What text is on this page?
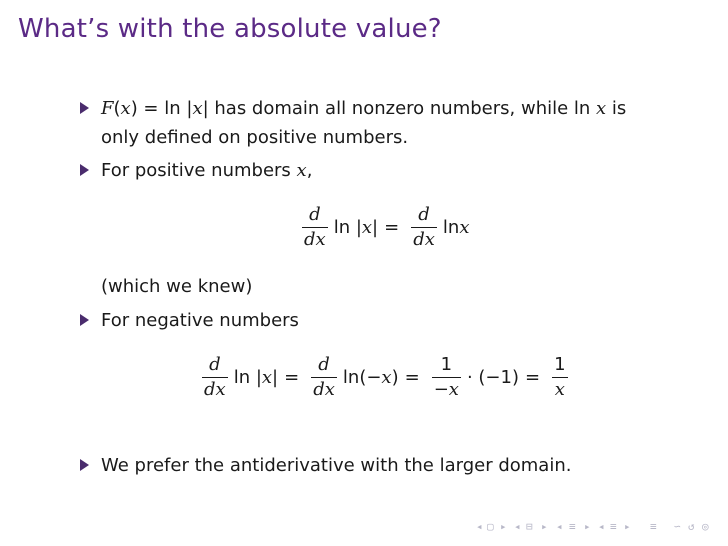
What’s with the absolute value?
F(x) = ln |x| has domain all nonzero numbers, while ln x is
only defined on positive numbers.
For positive numbers x,
$\frac{d}{dx}$ ln | x | = $\frac{d}{dx}$ ln x
(which we knew)
For negative numbers
$\frac{d}{dx}$ ln | x | = $\frac{d}{dx} \ln(- x$ ) = $\frac{1}{-x} \cdot (-1) = \frac{1}{x}$
We prefer the antiderivative with the larger domain.
◂ ▢ ▸ ◂ ⊟ ▸ ◂ ≡ ▸ ◂ ≡ ▸ ≡ ∽ ↺ ◎
